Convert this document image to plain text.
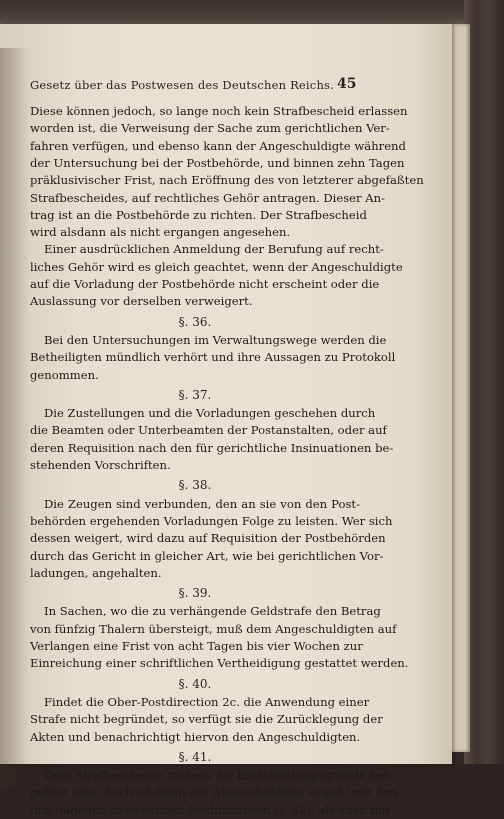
Gesetz über das Postwesen des Deutschen Reichs. 45
Diese können jedoch, so lange noch kein Strafbescheid erlassen
worden ist, die Verweisung der Sache zum gerichtlichen Ver-
fahren verfügen, und ebenso kann der Angeschuldigte während
der Untersuchung bei der Postbehörde, und binnen zehn Tagen
präklusivischer Frist, nach Eröffnung des von letzterer abgefaßten
Strafbescheides, auf rechtliches Gehör antragen. Dieser An-
trag ist an die Postbehörde zu richten. Der Strafbescheid
wird alsdann als nicht ergangen angesehen.
Einer ausdrücklichen Anmeldung der Berufung auf recht-
liches Gehör wird es gleich geachtet, wenn der Angeschuldigte
auf die Vorladung der Postbehörde nicht erscheint oder die
Auslassung vor derselben verweigert.
§. 36.
Bei den Untersuchungen im Verwaltungswege werden die
Betheiligten mündlich verhört und ihre Aussagen zu Protokoll
genommen.
§. 37.
Die Zustellungen und die Vorladungen geschehen durch
die Beamten oder Unterbeamten der Postanstalten, oder auf
deren Requisition nach den für gerichtliche Insinuationen be-
stehenden Vorschriften.
§. 38.
Die Zeugen sind verbunden, den an sie von den Post-
behörden ergehenden Vorladungen Folge zu leisten. Wer sich
dessen weigert, wird dazu auf Requisition der Postbehörden
durch das Gericht in gleicher Art, wie bei gerichtlichen Vor-
ladungen, angehalten.
§. 39.
In Sachen, wo die zu verhängende Geldstrafe den Betrag
von fünfzig Thalern übersteigt, muß dem Angeschuldigten auf
Verlangen eine Frist von acht Tagen bis vier Wochen zur
Einreichung einer schriftlichen Vertheidigung gestattet werden.
§. 40.
Findet die Ober-Postdirection 2c. die Anwendung einer
Strafe nicht begründet, so verfügt sie die Zurücklegung der
Akten und benachrichtigt hiervon den Angeschuldigten.
§. 41.
Dem Strafbescheide müssen die Entscheidungsgründe bei-
gefügt sein. Auch ist darin der Angeschuldigte sowohl mit den
ihm dagegen zustehenden Rechtsmitteln (§. 42), als auch mit
